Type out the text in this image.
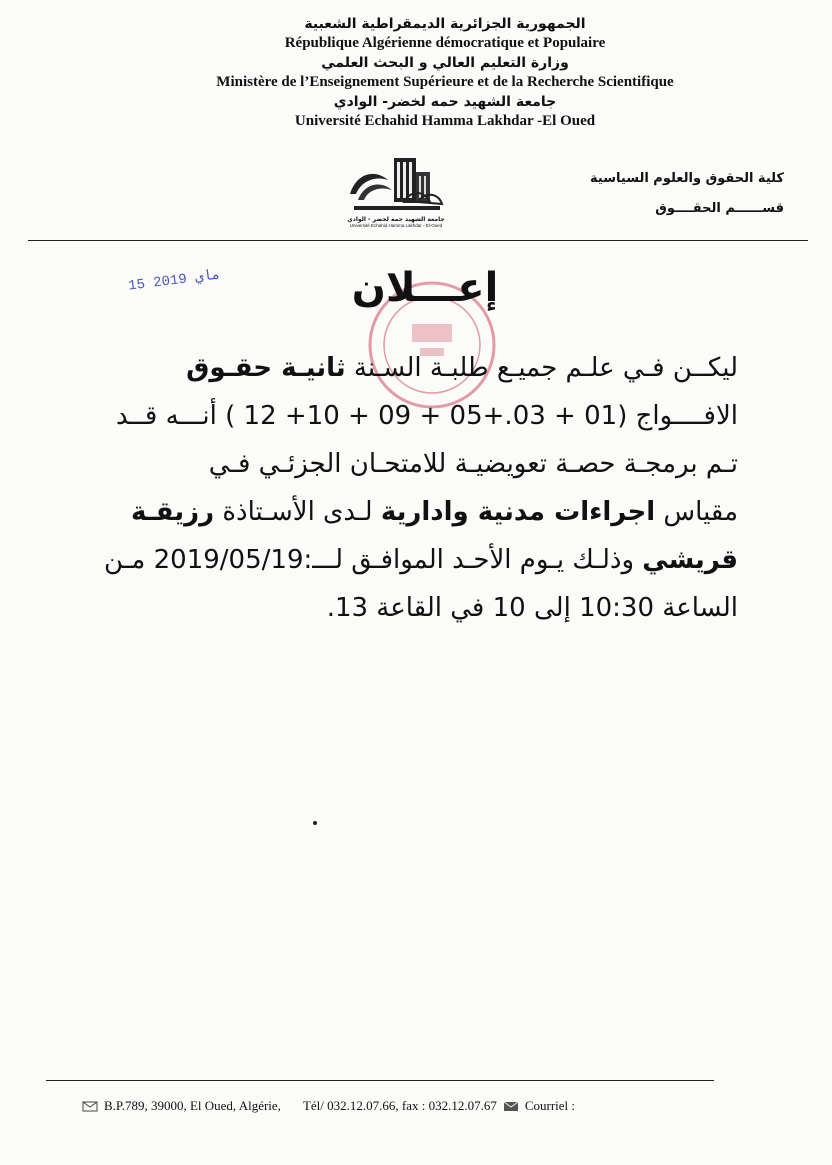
الجمهورية الجزائرية الديمقراطية الشعبية
République Algérienne démocratique et Populaire
وزارة التعليم العالي و البحث العلمي
Ministère de l’Enseignement Supérieure et de la Recherche Scientifique
جامعة الشهيد حمه لخضر- الوادي
Université Echahid Hamma Lakhdar -El Oued
جامعة الشهيد حمه لخضر - الوادي
Université Echahid Hamma Lakhdar - El-Oued
كلية الحقوق والعلوم السياسية
قســــــم الحقــــوق
15 ماي 2019	إعـــلان
ليكــن فـي علـم جميـع طلبـة السـنة ثانيـة حقـوق
الافــــواج (01 + 03.+05 + 09 + 10+ 12 ) أنـــه قــد
تـم برمجـة حصـة تعويضيـة للامتحـان الجزئـي فـي
مقياس اجراءات مدنية وادارية لـدى الأسـتاذة رزيقـة
قريشي وذلـك يـوم الأحـد الموافـق لـــ:2019/05/19 مـن
الساعة 10:30 إلى 10 في القاعة 13.
B.P.789, 39000, El Oued, Algérie, Tél/ 032.12.07.66, fax : 032.12.07.67 Courriel :
